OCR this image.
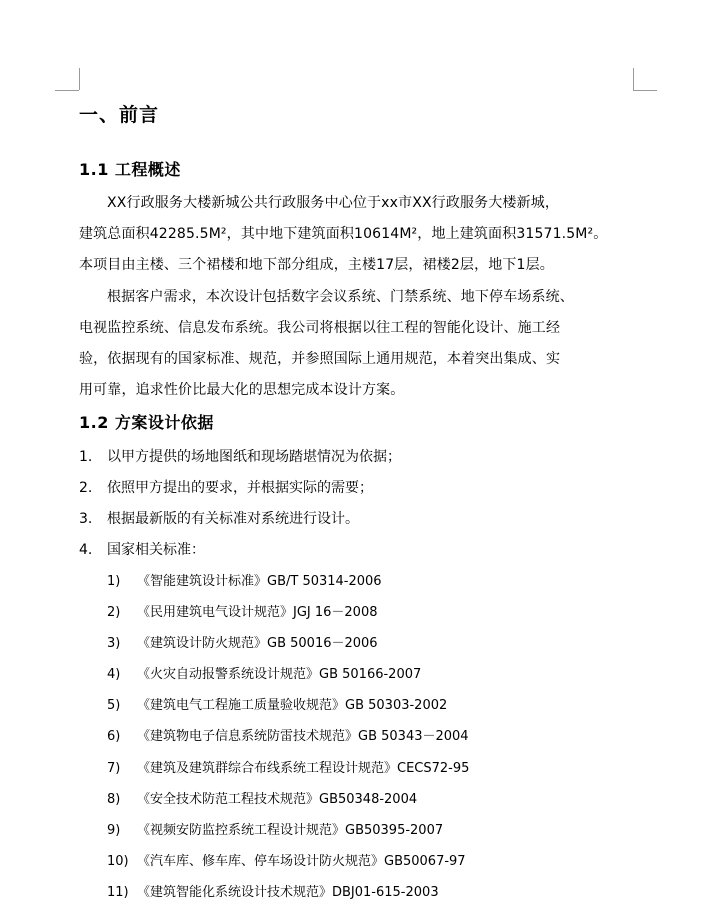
一、前言
1.1 工程概述
XX行政服务大楼新城公共行政服务中心位于xx市XX行政服务大楼新城，
建筑总面积42285.5M²，其中地下建筑面积10614M²，地上建筑面积31571.5M²。
本项目由主楼、三个裙楼和地下部分组成，主楼17层，裙楼2层，地下1层。
根据客户需求，本次设计包括数字会议系统、门禁系统、地下停车场系统、
电视监控系统、信息发布系统。我公司将根据以往工程的智能化设计、施工经
验，依据现有的国家标准、规范，并参照国际上通用规范，本着突出集成、实
用可靠，追求性价比最大化的思想完成本设计方案。
1.2 方案设计依据
1. 以甲方提供的场地图纸和现场踏堪情况为依据；
2. 依照甲方提出的要求，并根据实际的需要；
3. 根据最新版的有关标准对系统进行设计。
4. 国家相关标准：
1) 《智能建筑设计标准》GB/T 50314-2006
2) 《民用建筑电气设计规范》JGJ 16－2008
3) 《建筑设计防火规范》GB 50016－2006
4) 《火灾自动报警系统设计规范》GB 50166-2007
5) 《建筑电气工程施工质量验收规范》GB 50303-2002
6) 《建筑物电子信息系统防雷技术规范》GB 50343－2004
7) 《建筑及建筑群综合布线系统工程设计规范》CECS72-95
8) 《安全技术防范工程技术规范》GB50348-2004
9) 《视频安防监控系统工程设计规范》GB50395-2007
10) 《汽车库、修车库、停车场设计防火规范》GB50067-97
11) 《建筑智能化系统设计技术规范》DBJ01-615-2003
